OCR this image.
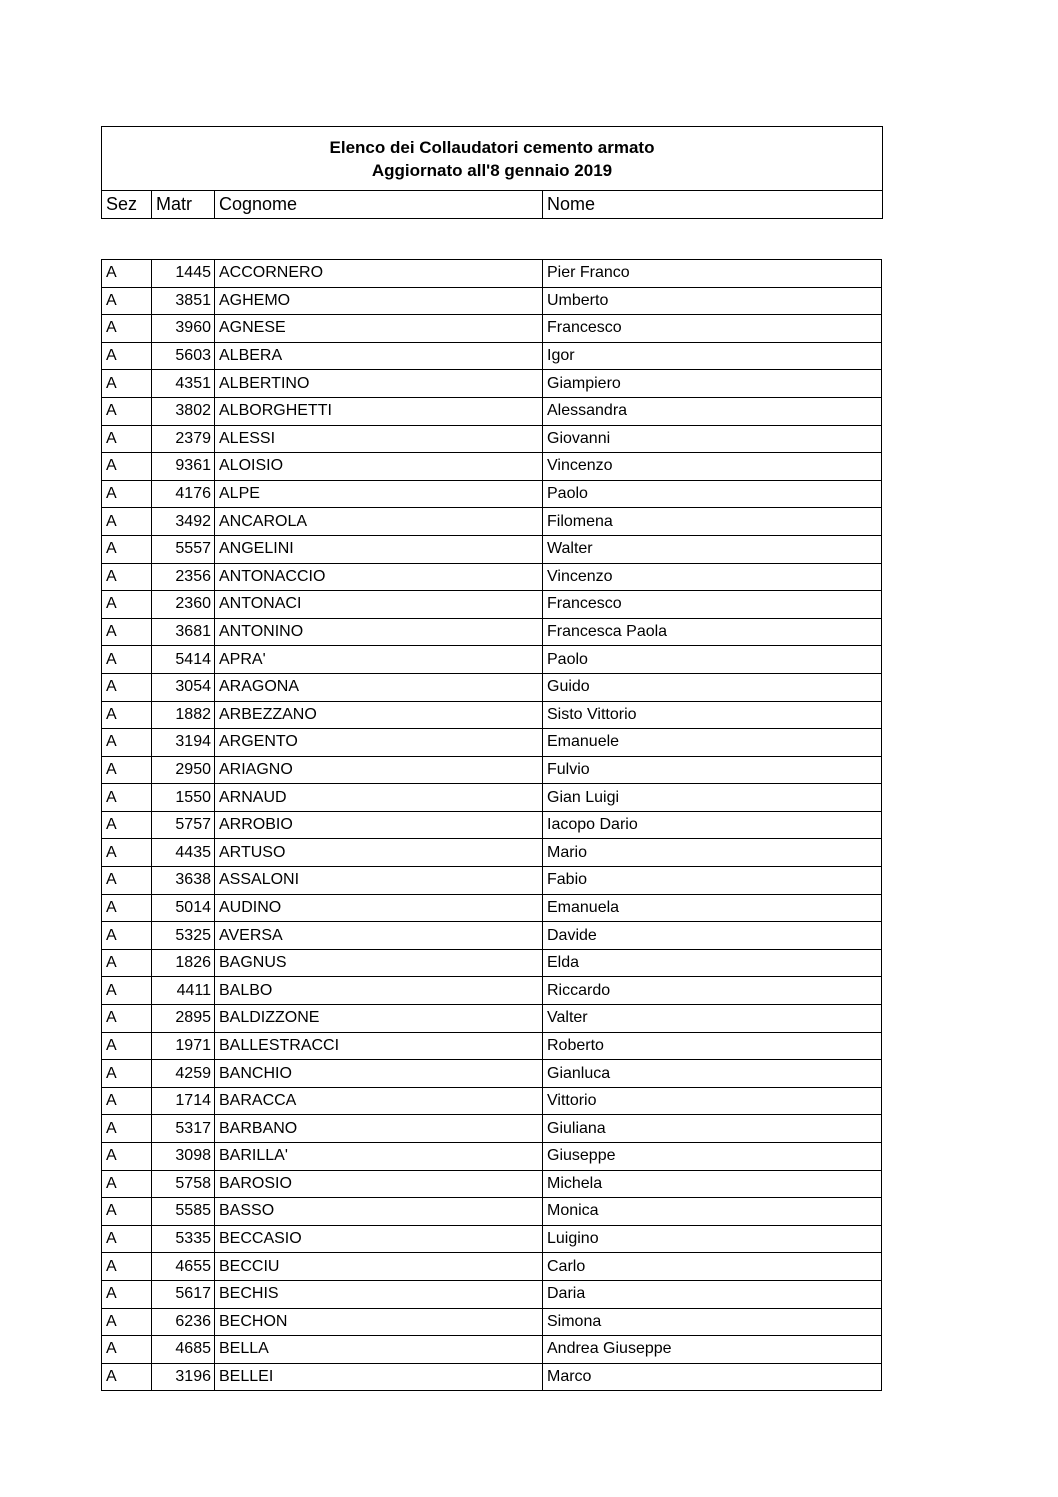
Elenco dei Collaudatori cemento armato
Aggiornato all'8 gennaio 2019
Sez	Matr	Cognome	Nome
A	1445	ACCORNERO	Pier Franco
A	3851	AGHEMO	Umberto
A	3960	AGNESE	Francesco
A	5603	ALBERA	Igor
A	4351	ALBERTINO	Giampiero
A	3802	ALBORGHETTI	Alessandra
A	2379	ALESSI	Giovanni
A	9361	ALOISIO	Vincenzo
A	4176	ALPE	Paolo
A	3492	ANCAROLA	Filomena
A	5557	ANGELINI	Walter
A	2356	ANTONACCIO	Vincenzo
A	2360	ANTONACI	Francesco
A	3681	ANTONINO	Francesca Paola
A	5414	APRA'	Paolo
A	3054	ARAGONA	Guido
A	1882	ARBEZZANO	Sisto Vittorio
A	3194	ARGENTO	Emanuele
A	2950	ARIAGNO	Fulvio
A	1550	ARNAUD	Gian Luigi
A	5757	ARROBIO	Iacopo Dario
A	4435	ARTUSO	Mario
A	3638	ASSALONI	Fabio
A	5014	AUDINO	Emanuela
A	5325	AVERSA	Davide
A	1826	BAGNUS	Elda
A	4411	BALBO	Riccardo
A	2895	BALDIZZONE	Valter
A	1971	BALLESTRACCI	Roberto
A	4259	BANCHIO	Gianluca
A	1714	BARACCA	Vittorio
A	5317	BARBANO	Giuliana
A	3098	BARILLA'	Giuseppe
A	5758	BAROSIO	Michela
A	5585	BASSO	Monica
A	5335	BECCASIO	Luigino
A	4655	BECCIU	Carlo
A	5617	BECHIS	Daria
A	6236	BECHON	Simona
A	4685	BELLA	Andrea Giuseppe
A	3196	BELLEI	Marco
